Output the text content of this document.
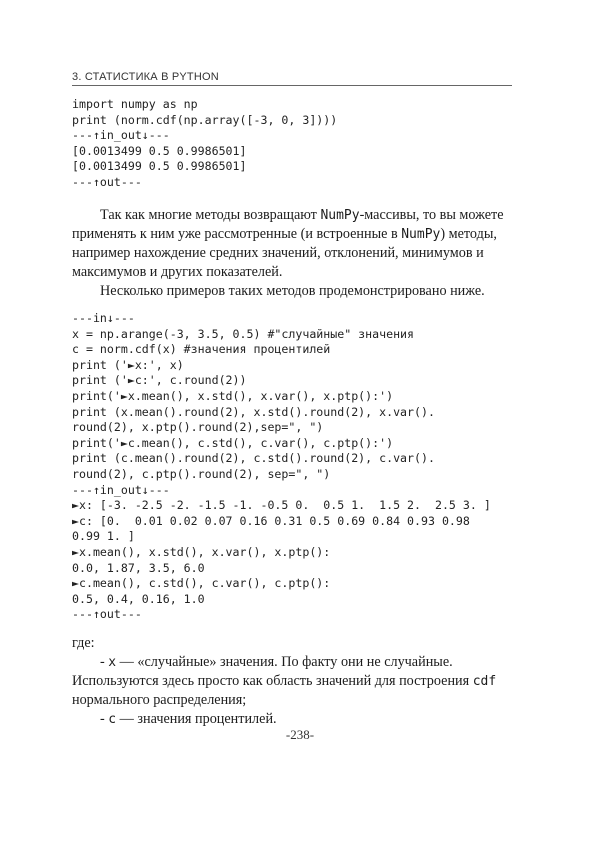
3. СТАТИСТИКА В PYTHON
import numpy as np
print (norm.cdf(np.array([-3, 0, 3])))
---↑in_out↓---
[0.0013499 0.5 0.9986501]
[0.0013499 0.5 0.9986501]
---↑out---

Так как многие методы возвращают NumPy-массивы, то вы можете применять к ним уже рассмотренные (и встроенные в NumPy) методы, например нахождение средних значений, отклонений, минимумов и максимумов и других показателей.

Несколько примеров таких методов продемонстрировано ниже.

---in↓---
x = np.arange(-3, 3.5, 0.5) #"случайные" значения
c = norm.cdf(x) #значения процентилей
print ('►x:', x)
print ('►c:', c.round(2))
print('►x.mean(), x.std(), x.var(), x.ptp():')
print (x.mean().round(2), x.std().round(2), x.var().
round(2), x.ptp().round(2),sep=", ")
print('►c.mean(), c.std(), c.var(), c.ptp():')
print (c.mean().round(2), c.std().round(2), c.var().
round(2), c.ptp().round(2), sep=", ")
---↑in_out↓---
►x: [-3. -2.5 -2. -1.5 -1. -0.5 0.  0.5 1.  1.5 2.  2.5 3. ]
►c: [0.  0.01 0.02 0.07 0.16 0.31 0.5 0.69 0.84 0.93 0.98
0.99 1. ]
►x.mean(), x.std(), x.var(), x.ptp():
0.0, 1.87, 3.5, 6.0
►c.mean(), c.std(), c.var(), c.ptp():
0.5, 0.4, 0.16, 1.0
---↑out---

где:

- x — «случайные» значения. По факту они не случайные. Используются здесь просто как область значений для построения cdf нормального распределения;

- c — значения процентилей.

-238-
